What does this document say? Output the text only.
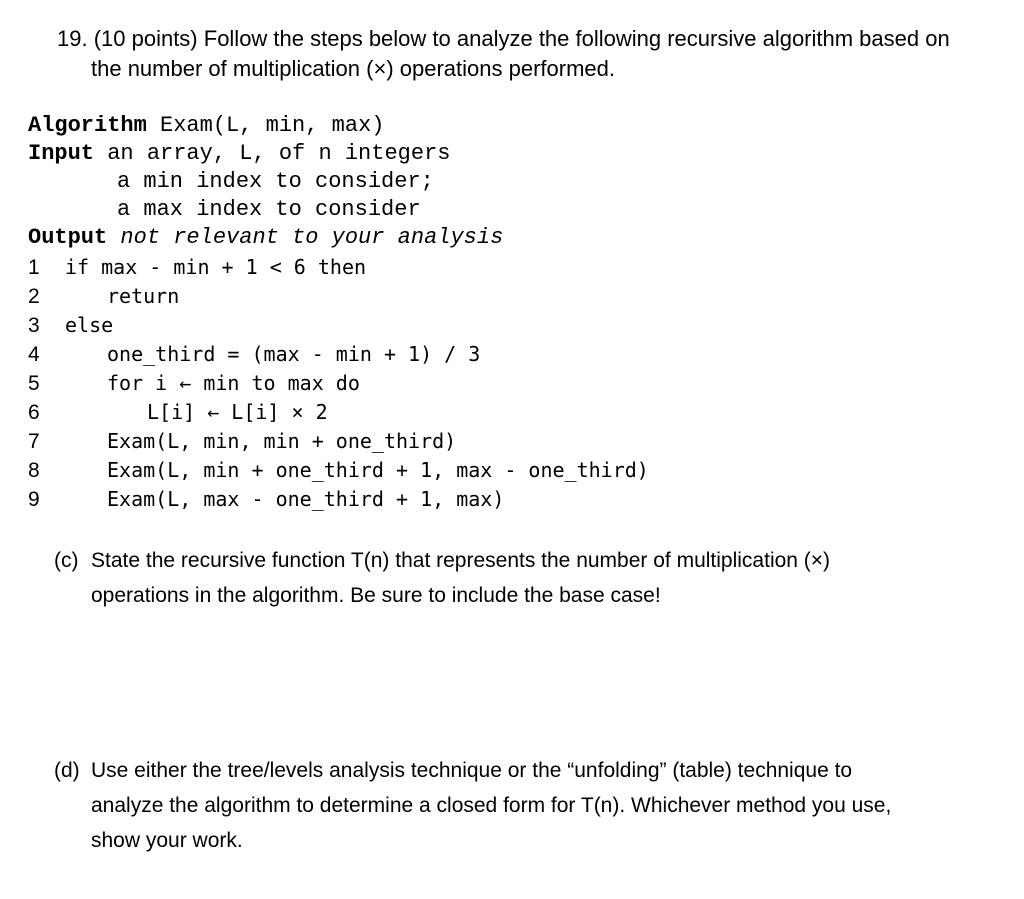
19. (10 points) Follow the steps below to analyze the following recursive algorithm based on
the number of multiplication (×) operations performed.
Algorithm Exam(L, min, max)
Input an array, L, of n integers
a min index to consider;
a max index to consider
Output not relevant to your analysis

1

if max - min + 1 < 6 then

2

	return

3

else

4

	one_third = (max - min + 1) / 3

5

	for i ← min to max do

6

	L[i] ← L[i] × 2

7

	Exam(L, min, min + one_third)

8

	Exam(L, min + one_third + 1, max - one_third)

9

	Exam(L, max - one_third + 1, max)

(c) State the recursive function T(n) that represents the number of multiplication (×)
operations in the algorithm. Be sure to include the base case!
(d) Use either the tree/levels analysis technique or the “unfolding” (table) technique to
analyze the algorithm to determine a closed form for T(n). Whichever method you use,
show your work.
